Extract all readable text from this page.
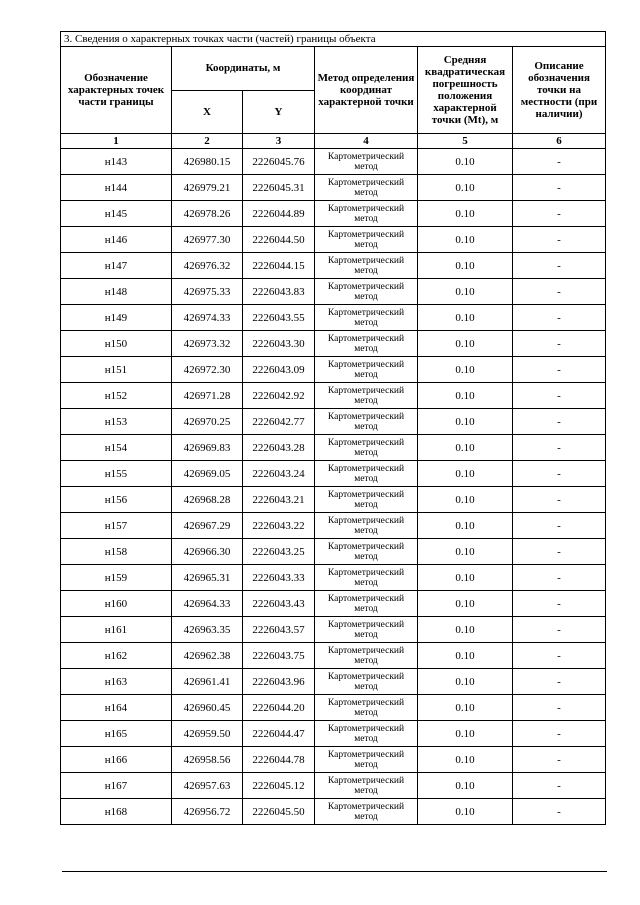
3. Сведения о характерных точках части (частей) границы объекта					
Обозначение характерных точек части границы	Координаты, м		Метод определения координат характерной точки	Средняя квадратическая погрешность положения характерной точки (Mt), м	Описание обозначения точки на местности (при наличии)
	X	Y			
1	2	3	4	5	6
н143	426980.15	2226045.76	Картометрический метод	0.10	-
н144	426979.21	2226045.31	Картометрический метод	0.10	-
н145	426978.26	2226044.89	Картометрический метод	0.10	-
н146	426977.30	2226044.50	Картометрический метод	0.10	-
н147	426976.32	2226044.15	Картометрический метод	0.10	-
н148	426975.33	2226043.83	Картометрический метод	0.10	-
н149	426974.33	2226043.55	Картометрический метод	0.10	-
н150	426973.32	2226043.30	Картометрический метод	0.10	-
н151	426972.30	2226043.09	Картометрический метод	0.10	-
н152	426971.28	2226042.92	Картометрический метод	0.10	-
н153	426970.25	2226042.77	Картометрический метод	0.10	-
н154	426969.83	2226043.28	Картометрический метод	0.10	-
н155	426969.05	2226043.24	Картометрический метод	0.10	-
н156	426968.28	2226043.21	Картометрический метод	0.10	-
н157	426967.29	2226043.22	Картометрический метод	0.10	-
н158	426966.30	2226043.25	Картометрический метод	0.10	-
н159	426965.31	2226043.33	Картометрический метод	0.10	-
н160	426964.33	2226043.43	Картометрический метод	0.10	-
н161	426963.35	2226043.57	Картометрический метод	0.10	-
н162	426962.38	2226043.75	Картометрический метод	0.10	-
н163	426961.41	2226043.96	Картометрический метод	0.10	-
н164	426960.45	2226044.20	Картометрический метод	0.10	-
н165	426959.50	2226044.47	Картометрический метод	0.10	-
н166	426958.56	2226044.78	Картометрический метод	0.10	-
н167	426957.63	2226045.12	Картометрический метод	0.10	-
н168	426956.72	2226045.50	Картометрический метод	0.10	-
